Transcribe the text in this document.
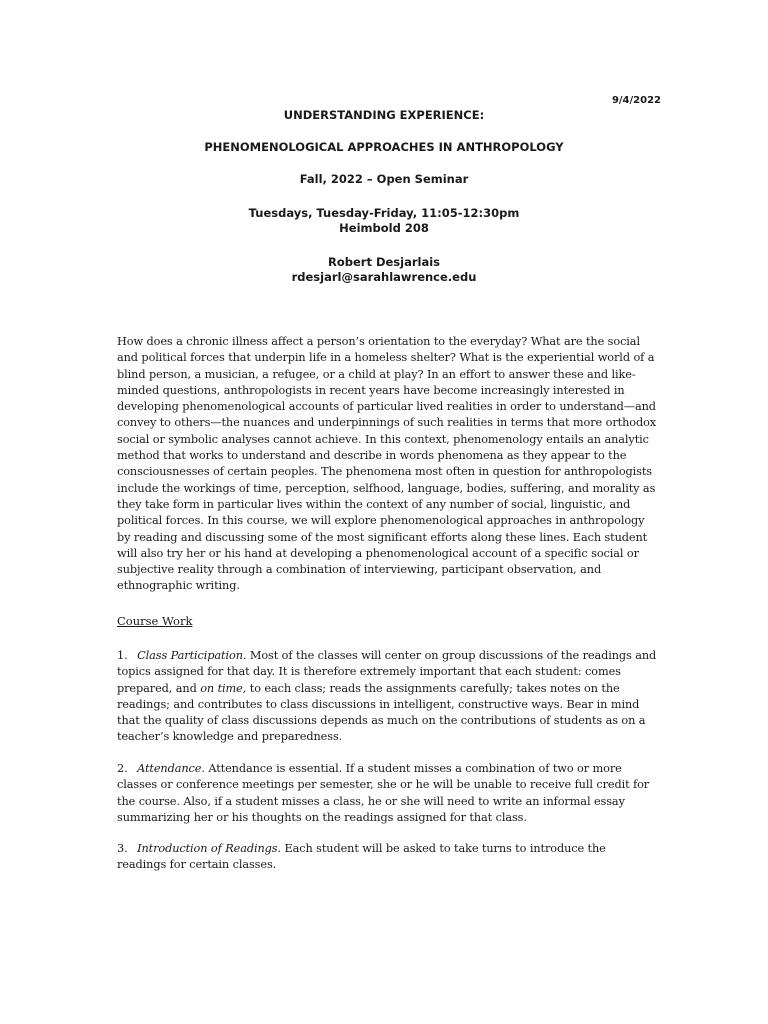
9/4/2022
UNDERSTANDING EXPERIENCE:
PHENOMENOLOGICAL APPROACHES IN ANTHROPOLOGY
Fall, 2022 – Open Seminar
Tuesdays, Tuesday-Friday, 11:05-12:30pm
Heimbold 208
Robert Desjarlais
rdesjarl@sarahlawrence.edu

How does a chronic illness affect a person’s orientation to the everyday? What are the social and political forces that underpin life in a homeless shelter? What is the experiential world of a blind person, a musician, a refugee, or a child at play? In an effort to answer these and like-minded questions, anthropologists in recent years have become increasingly interested in developing phenomenological accounts of particular lived realities in order to understand—and convey to others—the nuances and underpinnings of such realities in terms that more orthodox social or symbolic analyses cannot achieve. In this context, phenomenology entails an analytic method that works to understand and describe in words phenomena as they appear to the consciousnesses of certain peoples. The phenomena most often in question for anthropologists include the workings of time, perception, selfhood, language, bodies, suffering, and morality as they take form in particular lives within the context of any number of social, linguistic, and political forces. In this course, we will explore phenomenological approaches in anthropology by reading and discussing some of the most significant efforts along these lines. Each student will also try her or his hand at developing a phenomenological account of a specific social or subjective reality through a combination of interviewing, participant observation, and ethnographic writing.

Course Work

1. Class Participation. Most of the classes will center on group discussions of the readings and topics assigned for that day. It is therefore extremely important that each student: comes prepared, and on time, to each class; reads the assignments carefully; takes notes on the readings; and contributes to class discussions in intelligent, constructive ways. Bear in mind that the quality of class discussions depends as much on the contributions of students as on a teacher’s knowledge and preparedness.

2. Attendance. Attendance is essential. If a student misses a combination of two or more classes or conference meetings per semester, she or he will be unable to receive full credit for the course. Also, if a student misses a class, he or she will need to write an informal essay summarizing her or his thoughts on the readings assigned for that class.

3. Introduction of Readings. Each student will be asked to take turns to introduce the readings for certain classes.
